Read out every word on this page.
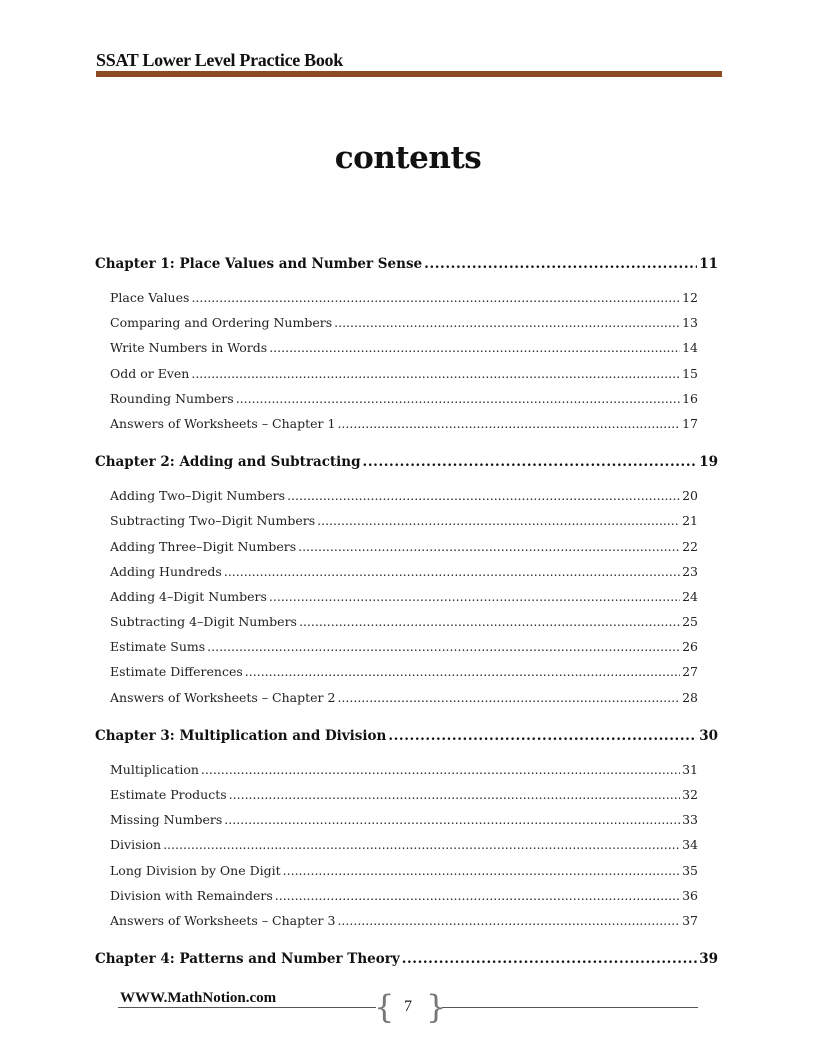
SSAT Lower Level Practice Book
contents
Chapter 1: Place Values and Number Sense .....	11
Place Values .....	12
Comparing and Ordering Numbers .....	13
Write Numbers in Words .....	14
Odd or Even .....	15
Rounding Numbers .....	16
Answers of Worksheets – Chapter 1 .....	17
Chapter 2: Adding and Subtracting .....	19
Adding Two–Digit Numbers .....	20
Subtracting Two–Digit Numbers .....	21
Adding Three–Digit Numbers .....	22
Adding Hundreds .....	23
Adding 4–Digit Numbers .....	24
Subtracting 4–Digit Numbers .....	25
Estimate Sums .....	26
Estimate Differences .....	27
Answers of Worksheets – Chapter 2 .....	28
Chapter 3: Multiplication and Division .....	30
Multiplication .....	31
Estimate Products .....	32
Missing Numbers .....	33
Division .....	34
Long Division by One Digit .....	35
Division with Remainders .....	36
Answers of Worksheets – Chapter 3 .....	37
Chapter 4: Patterns and Number Theory .....	39
WWW.MathNotion.com	{ 7 }
